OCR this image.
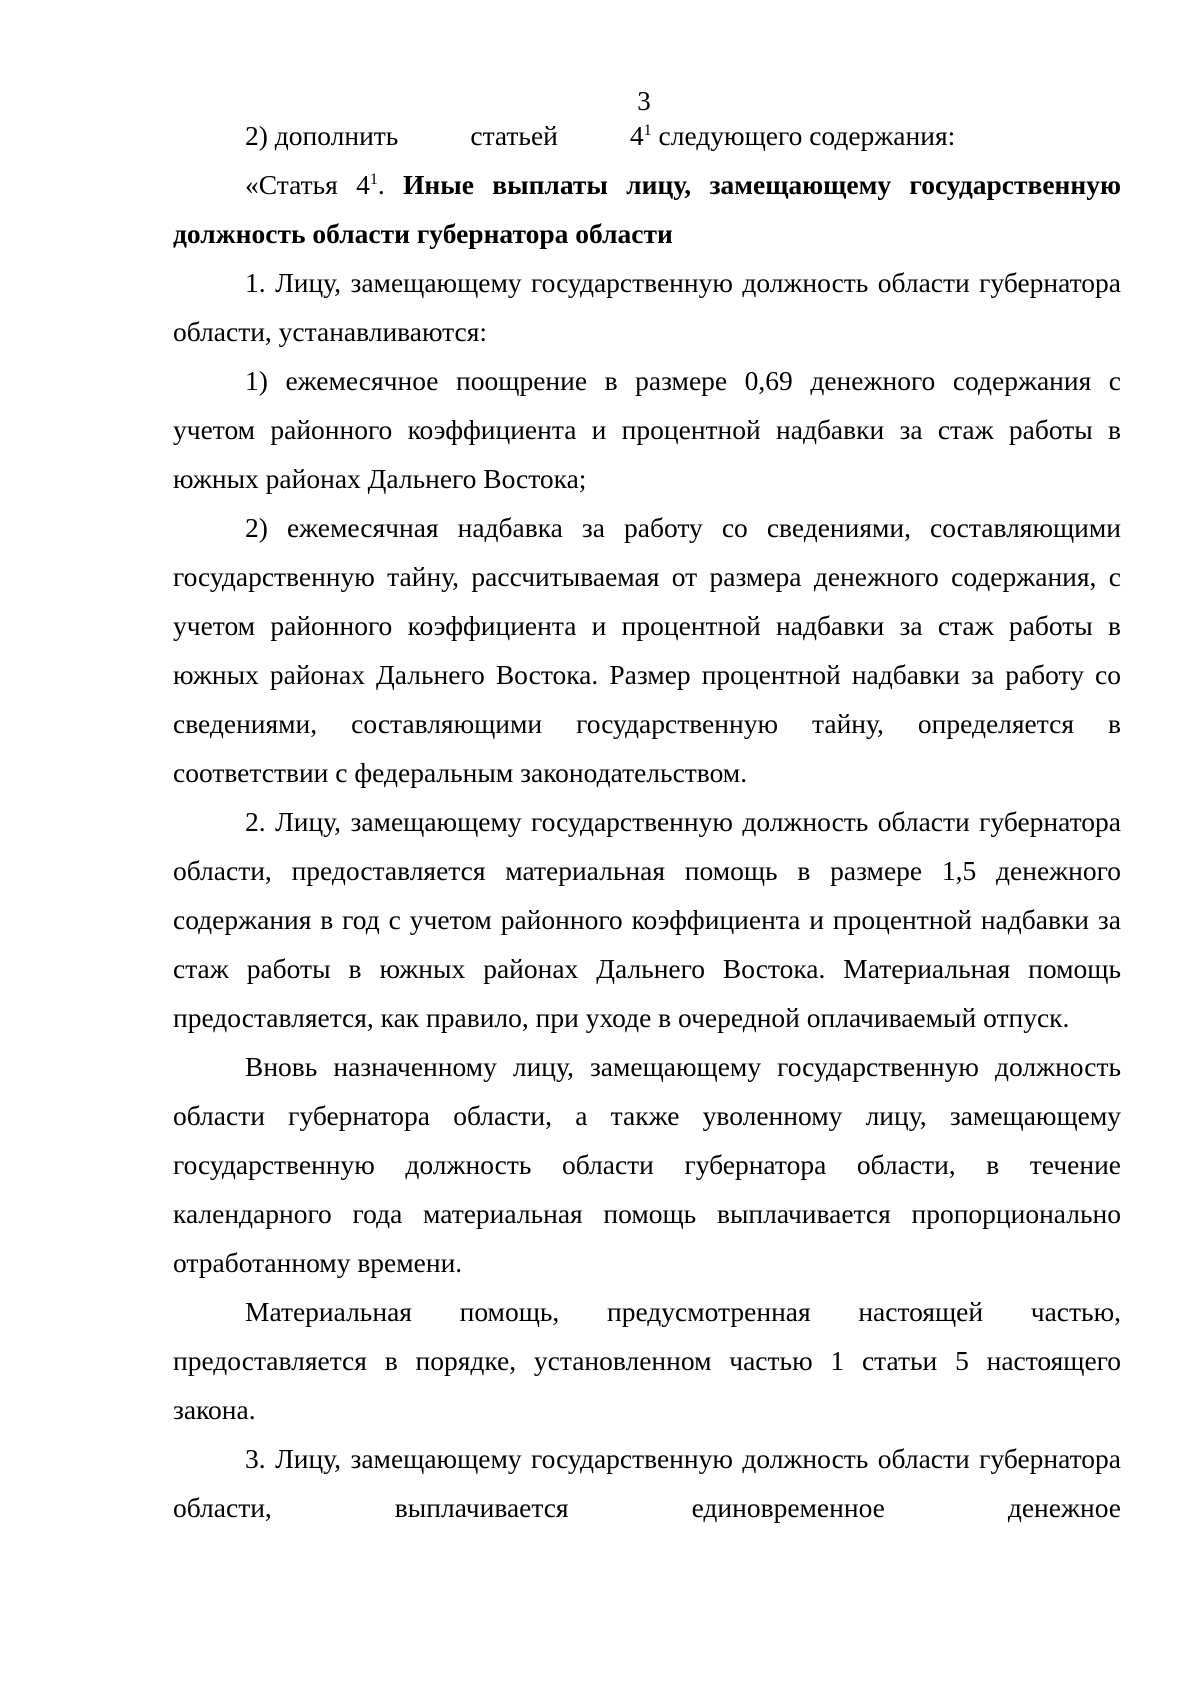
3

2) дополнить	статьей	$4^1$ следующего содержания:

«Статья $4^1$. Иные выплаты лицу, замещающему государственную должность области губернатора области

1. Лицу, замещающему государственную должность области губернатора области, устанавливаются:

1) ежемесячное поощрение в размере 0,69 денежного содержания с учетом районного коэффициента и процентной надбавки за стаж работы в южных районах Дальнего Востока;

2) ежемесячная надбавка за работу со сведениями, составляющими государственную тайну, рассчитываемая от размера денежного содержания, с учетом районного коэффициента и процентной надбавки за стаж работы в южных районах Дальнего Востока. Размер процентной надбавки за работу со сведениями, составляющими государственную тайну, определяется в соответствии с федеральным законодательством.

2. Лицу, замещающему государственную должность области губернатора области, предоставляется материальная помощь в размере 1,5 денежного содержания в год с учетом районного коэффициента и процентной надбавки за стаж работы в южных районах Дальнего Востока. Материальная помощь предоставляется, как правило, при уходе в очередной оплачиваемый отпуск.

Вновь назначенному лицу, замещающему государственную должность области губернатора области, а также уволенному лицу, замещающему государственную должность области губернатора области, в течение календарного года материальная помощь выплачивается пропорционально отработанному времени.

Материальная помощь, предусмотренная настоящей частью, предоставляется в порядке, установленном частью 1 статьи 5 настоящего закона.

3. Лицу, замещающему государственную должность области губернатора области, выплачивается единовременное денежное
